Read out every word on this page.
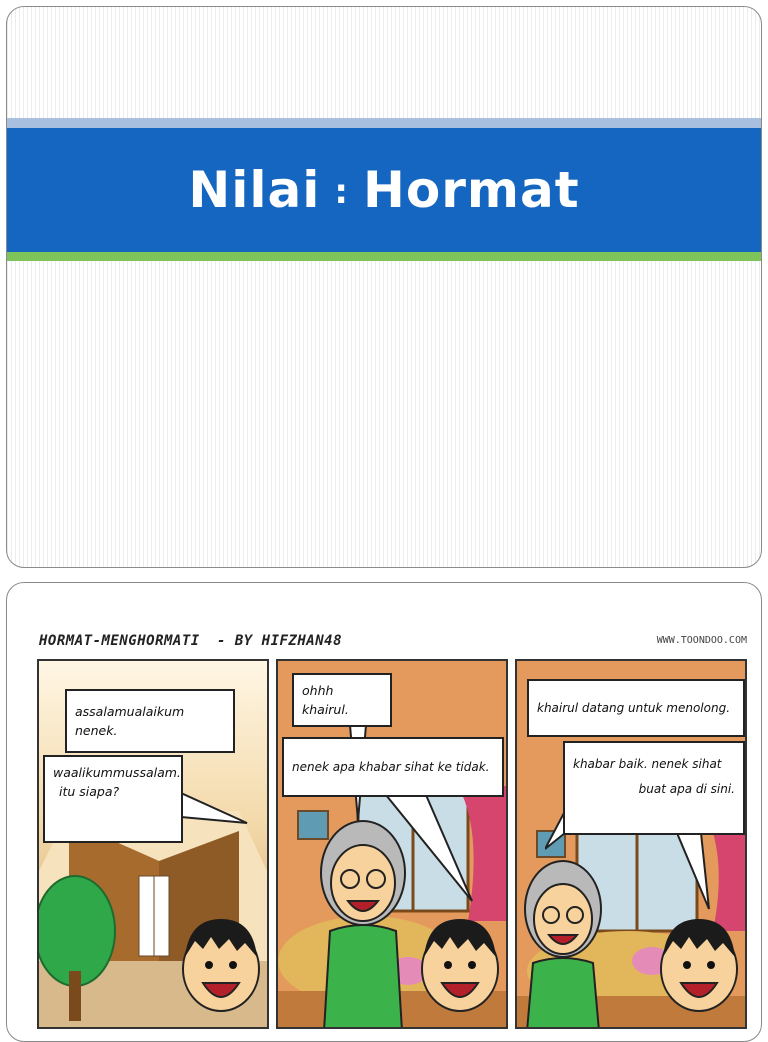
Nilai : Hormat
HORMAT-MENGHORMATI - BY HIFZHAN48	WWW.TOONDOO.COM
assalamualaikum nenek.
waalikummussalam.
itu siapa?
ohhh khairul.
nenek apa khabar sihat ke tidak.
khairul datang untuk menolong.
khabar baik. nenek sihat
buat apa di sini.
